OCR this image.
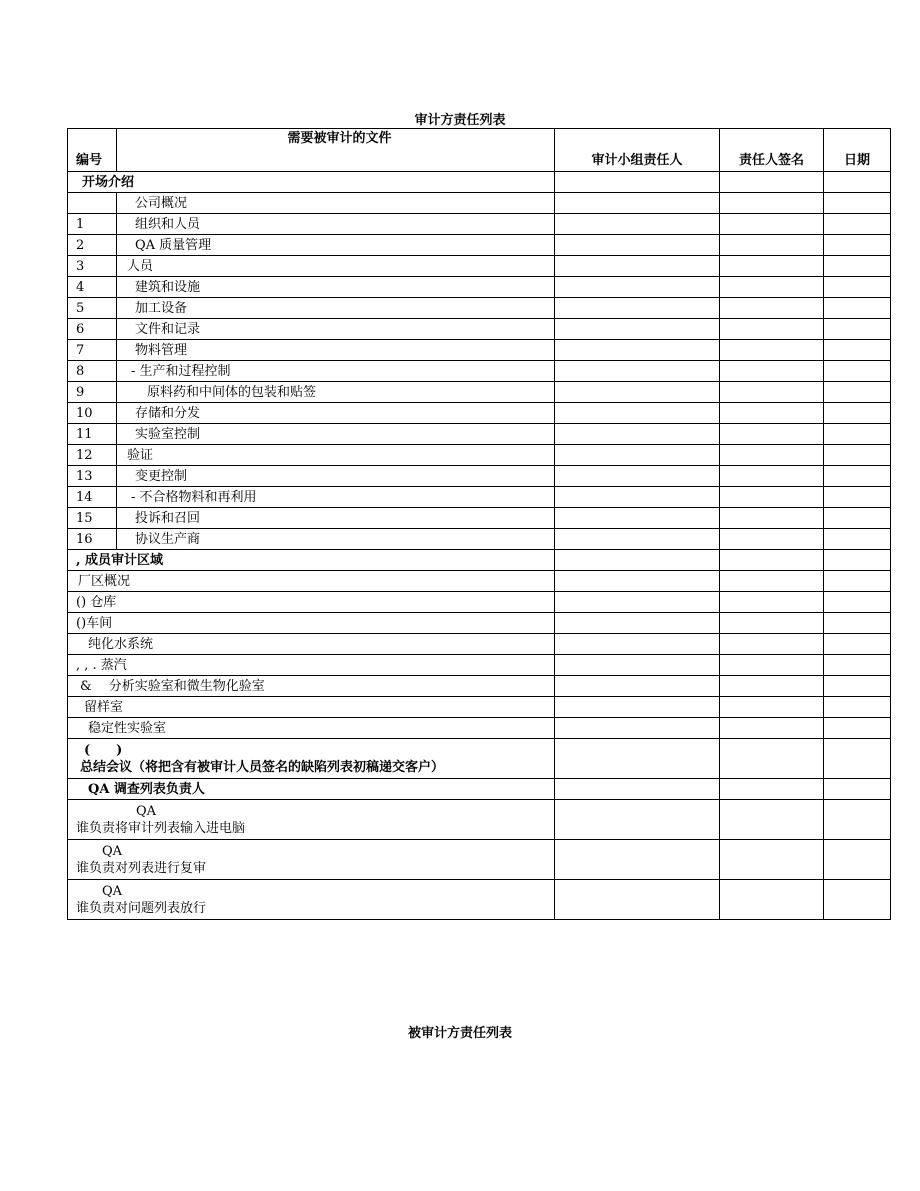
审计方责任列表
编号	需要被审计的文件	审计小组责任人	责任人签名	日期
开场介绍				
	公司概况			
1	组织和人员			
2	QA 质量管理			
3	人员			
4	建筑和设施			
5	加工设备			
6	文件和记录			
7	物料管理			
8	- 生产和过程控制			
9	原料药和中间体的包装和贴签			
10	存储和分发			
11	实验室控制			
12	验证			
13	变更控制			
14	- 不合格物料和再利用			
15	投诉和召回			
16	协议生产商			
, 成员审计区域				
厂区概况				
() 仓库				
()车间				
纯化水系统				
, , . 蒸汽				
&　 分析实验室和微生物化验室				
留样室				
稳定性实验室				

(　　)
总结会议（将把含有被审计人员签名的缺陷列表初稿递交客户）				

QA 调查列表负责人				

QA
谁负责将审计列表输入进电脑				

QA
谁负责对列表进行复审				

QA
谁负责对问题列表放行				

被审计方责任列表
